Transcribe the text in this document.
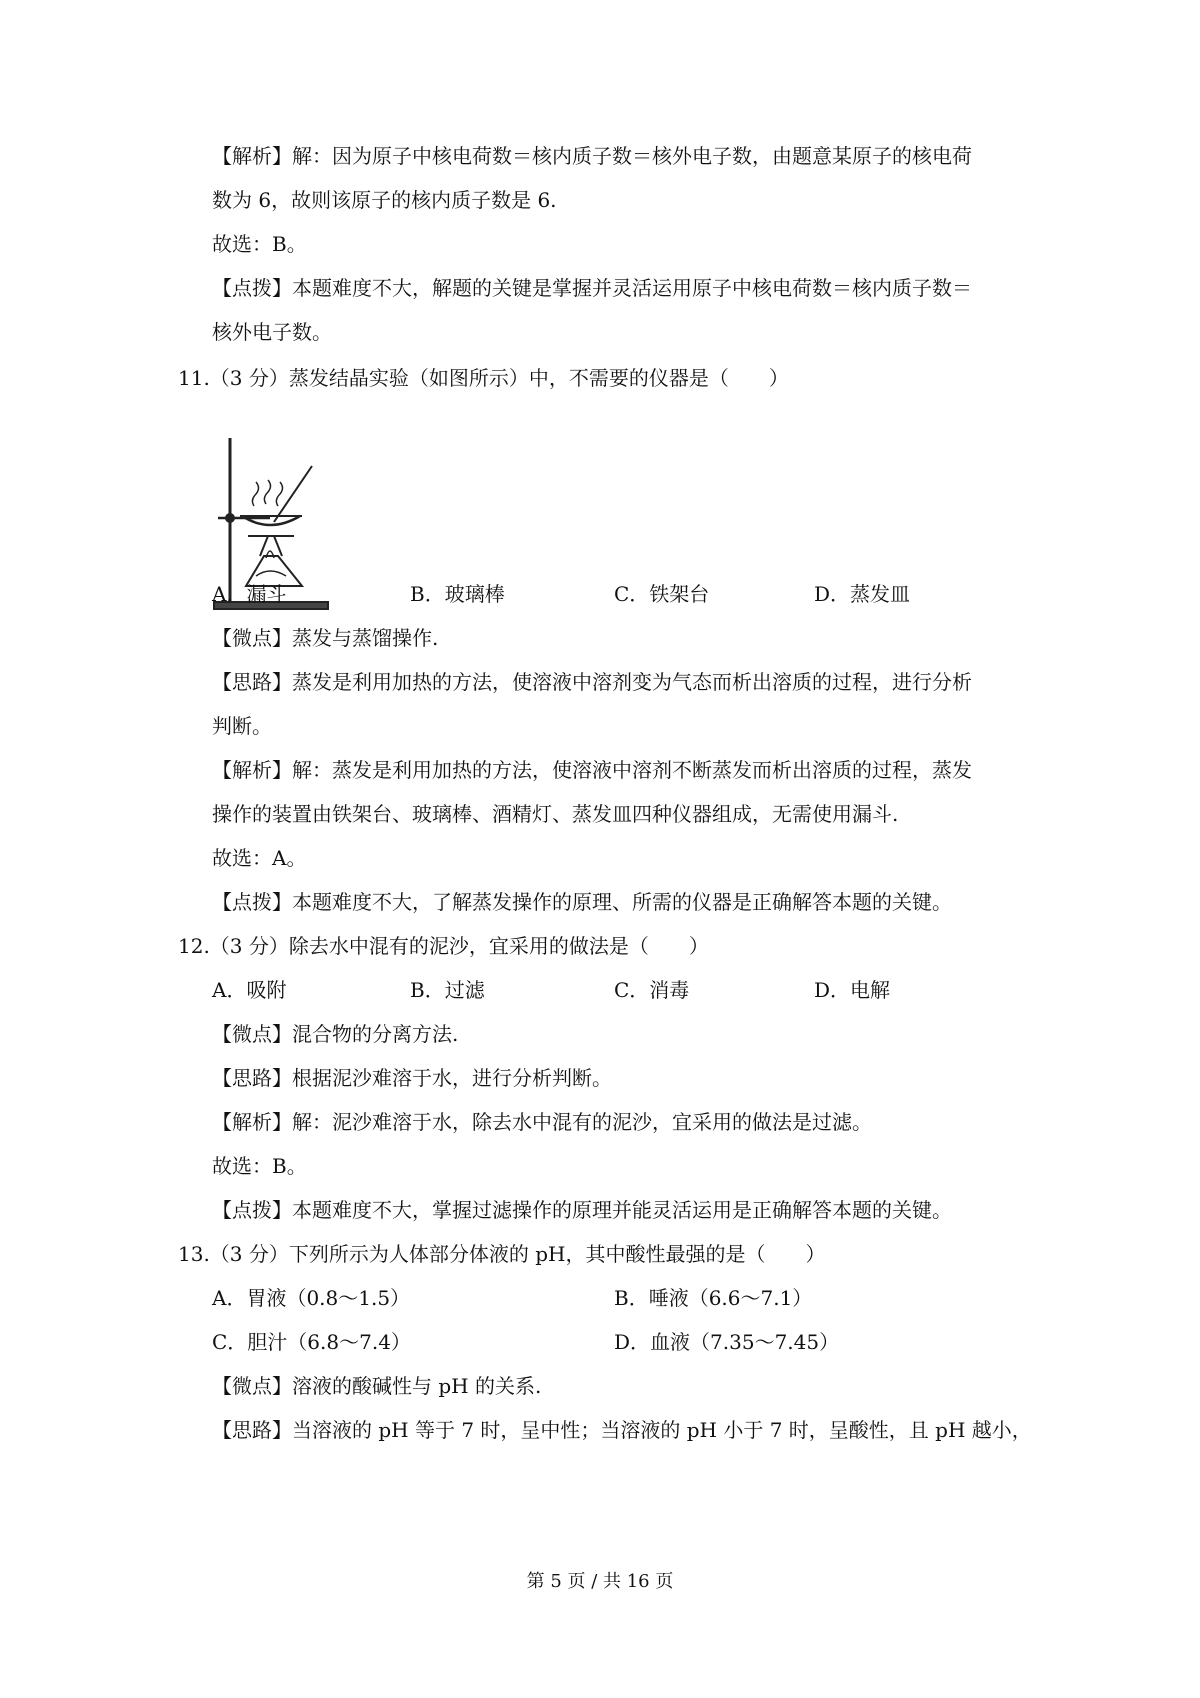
【解析】解：因为原子中核电荷数＝核内质子数＝核外电子数，由题意某原子的核电荷
数为 6，故则该原子的核内质子数是 6.
故选：B。
【点拨】本题难度不大，解题的关键是掌握并灵活运用原子中核电荷数＝核内质子数＝
核外电子数。
11.（3 分）蒸发结晶实验（如图所示）中，不需要的仪器是（　　）
A．漏斗	B．玻璃棒	C．铁架台	D．蒸发皿
【微点】蒸发与蒸馏操作.
【思路】蒸发是利用加热的方法，使溶液中溶剂变为气态而析出溶质的过程，进行分析
判断。
【解析】解：蒸发是利用加热的方法，使溶液中溶剂不断蒸发而析出溶质的过程，蒸发
操作的装置由铁架台、玻璃棒、酒精灯、蒸发皿四种仪器组成，无需使用漏斗.
故选：A。
【点拨】本题难度不大，了解蒸发操作的原理、所需的仪器是正确解答本题的关键。
12.（3 分）除去水中混有的泥沙，宜采用的做法是（　　）
A．吸附	B．过滤	C．消毒	D．电解
【微点】混合物的分离方法.
【思路】根据泥沙难溶于水，进行分析判断。
【解析】解：泥沙难溶于水，除去水中混有的泥沙，宜采用的做法是过滤。
故选：B。
【点拨】本题难度不大，掌握过滤操作的原理并能灵活运用是正确解答本题的关键。
13.（3 分）下列所示为人体部分体液的 pH，其中酸性最强的是（　　）
A．胃液（0.8～1.5）	B．唾液（6.6～7.1）
C．胆汁（6.8～7.4）	D．血液（7.35～7.45）
【微点】溶液的酸碱性与 pH 的关系.
【思路】当溶液的 pH 等于 7 时，呈中性；当溶液的 pH 小于 7 时，呈酸性，且 pH 越小，
第 5 页 / 共 16 页
